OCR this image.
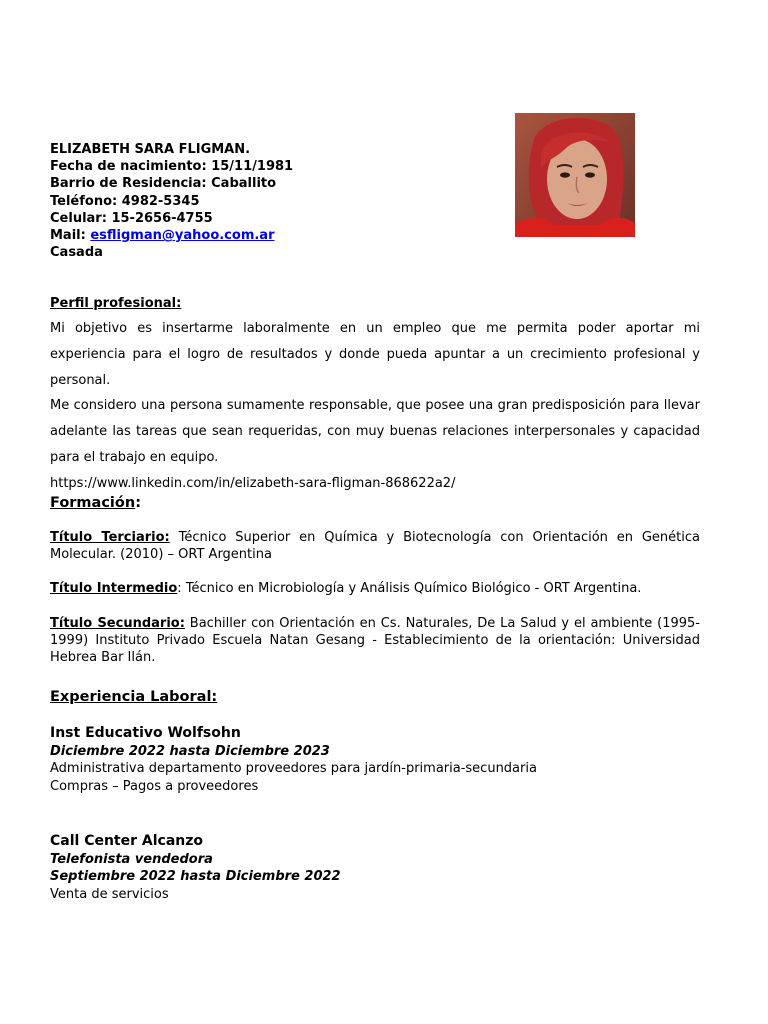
ELIZABETH SARA FLIGMAN.
Fecha de nacimiento: 15/11/1981
Barrio de Residencia: Caballito
Teléfono: 4982-5345
Celular: 15-2656-4755
Mail: esfligman@yahoo.com.ar
Casada
Perfil profesional:

Mi objetivo es insertarme laboralmente en un empleo que me permita poder aportar mi experiencia para el logro de resultados y donde pueda apuntar a un crecimiento profesional y personal.

Me considero una persona sumamente responsable, que posee una gran predisposición para llevar adelante las tareas que sean requeridas, con muy buenas relaciones interpersonales y capacidad para el trabajo en equipo.

https://www.linkedin.com/in/elizabeth-sara-fligman-868622a2/

Formación:
Título Terciario: Técnico Superior en Química y Biotecnología con Orientación en Genética Molecular. (2010) – ORT Argentina
Título Intermedio: Técnico en Microbiología y Análisis Químico Biológico - ORT Argentina.
Título Secundario: Bachiller con Orientación en Cs. Naturales, De La Salud y el ambiente (1995-1999) Instituto Privado Escuela Natan Gesang - Establecimiento de la orientación: Universidad Hebrea Bar Ilán.
Experiencia Laboral:
Inst Educativo Wolfsohn
Diciembre 2022 hasta Diciembre 2023
Administrativa departamento proveedores para jardín-primaria-secundaria
Compras – Pagos a proveedores
Call Center Alcanzo
Telefonista vendedora
Septiembre 2022 hasta Diciembre 2022
Venta de servicios
